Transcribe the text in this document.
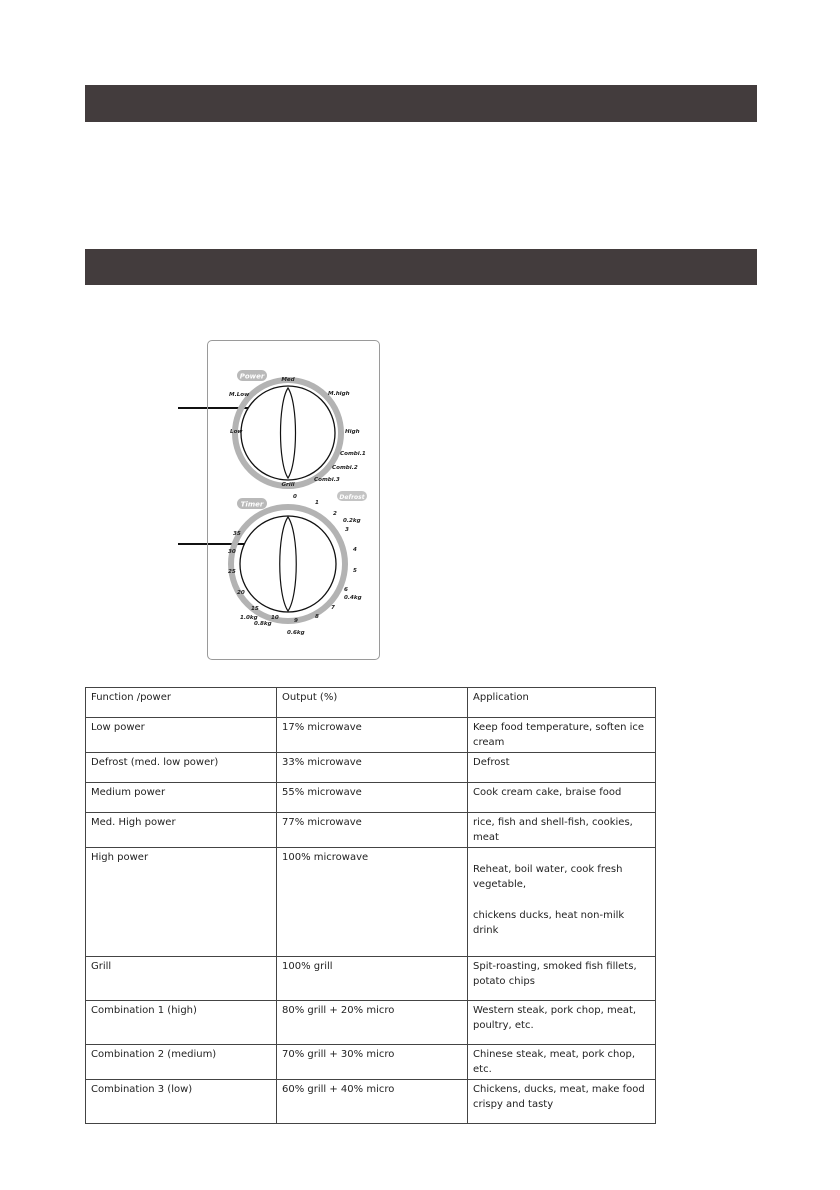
Power
M.Low
Med
M.high
Low	High
Combi.1
Combi.2
Combi.3
Grill
Timer
Defrost
0
1
2
0.2kg
3
4
5
6
0.4kg
7
8
9
0.6kg
10
0.8kg
15
1.0kg
20
25
30
35
Function /power	Output (%)	Application
Low power	17% microwave	Keep food temperature, soften ice cream
Defrost (med. low power)	33% microwave	Defrost
Medium power	55% microwave	Cook cream cake, braise food
Med. High power	77% microwave	rice, fish and shell-fish, cookies, meat
High power	100% microwave	Reheat, boil water, cook fresh vegetable,
chickens ducks, heat non-milk drink

Grill	100% grill	Spit-roasting, smoked fish fillets, potato chips
Combination 1 (high)	80% grill + 20% micro	Western steak, pork chop, meat, poultry, etc.
Combination 2 (medium)	70% grill + 30% micro	Chinese steak, meat, pork chop, etc.
Combination 3 (low)	60% grill + 40% micro	Chickens, ducks, meat, make food crispy and tasty
